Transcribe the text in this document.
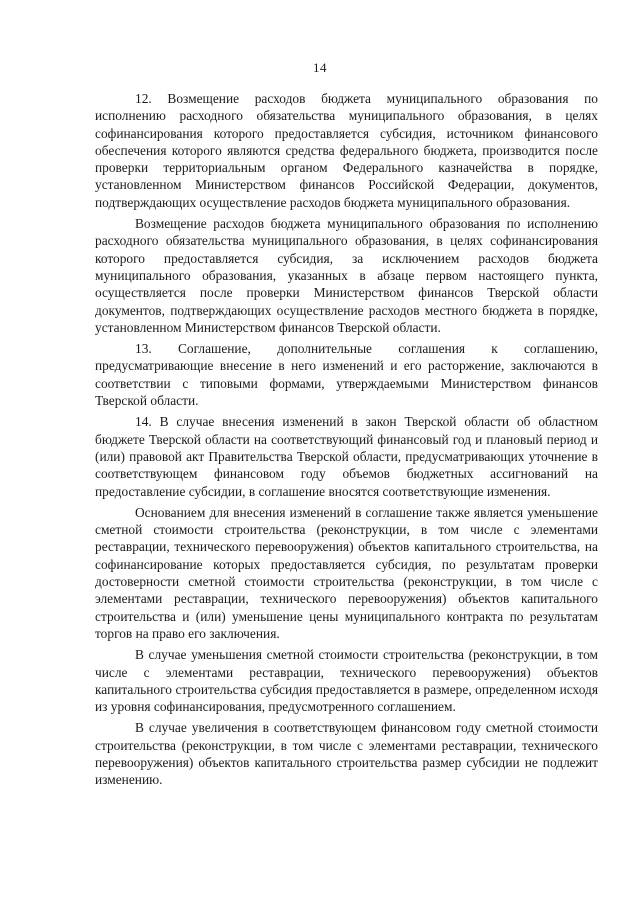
14

12. Возмещение расходов бюджета муниципального образования по исполнению расходного обязательства муниципального образования, в целях софинансирования которого предоставляется субсидия, источником финансового обеспечения которого являются средства федерального бюджета, производится после проверки территориальным органом Федерального казначейства в порядке, установленном Министерством финансов Российской Федерации, документов, подтверждающих осуществление расходов бюджета муниципального образования.

Возмещение расходов бюджета муниципального образования по исполнению расходного обязательства муниципального образования, в целях софинансирования которого предоставляется субсидия, за исключением расходов бюджета муниципального образования, указанных в абзаце первом настоящего пункта, осуществляется после проверки Министерством финансов Тверской области документов, подтверждающих осуществление расходов местного бюджета в порядке, установленном Министерством финансов Тверской области.

13. Соглашение, дополнительные соглашения к соглашению, предусматривающие внесение в него изменений и его расторжение, заключаются в соответствии с типовыми формами, утверждаемыми Министерством финансов Тверской области.

14. В случае внесения изменений в закон Тверской области об областном бюджете Тверской области на соответствующий финансовый год и плановый период и (или) правовой акт Правительства Тверской области, предусматривающих уточнение в соответствующем финансовом году объемов бюджетных ассигнований на предоставление субсидии, в соглашение вносятся соответствующие изменения.

Основанием для внесения изменений в соглашение также является уменьшение сметной стоимости строительства (реконструкции, в том числе с элементами реставрации, технического перевооружения) объектов капитального строительства, на софинансирование которых предоставляется субсидия, по результатам проверки достоверности сметной стоимости строительства (реконструкции, в том числе с элементами реставрации, технического перевооружения) объектов капитального строительства и (или) уменьшение цены муниципального контракта по результатам торгов на право его заключения.

В случае уменьшения сметной стоимости строительства (реконструкции, в том числе с элементами реставрации, технического перевооружения) объектов капитального строительства субсидия предоставляется в размере, определенном исходя из уровня софинансирования, предусмотренного соглашением.

В случае увеличения в соответствующем финансовом году сметной стоимости строительства (реконструкции, в том числе с элементами реставрации, технического перевооружения) объектов капитального строительства размер субсидии не подлежит изменению.
